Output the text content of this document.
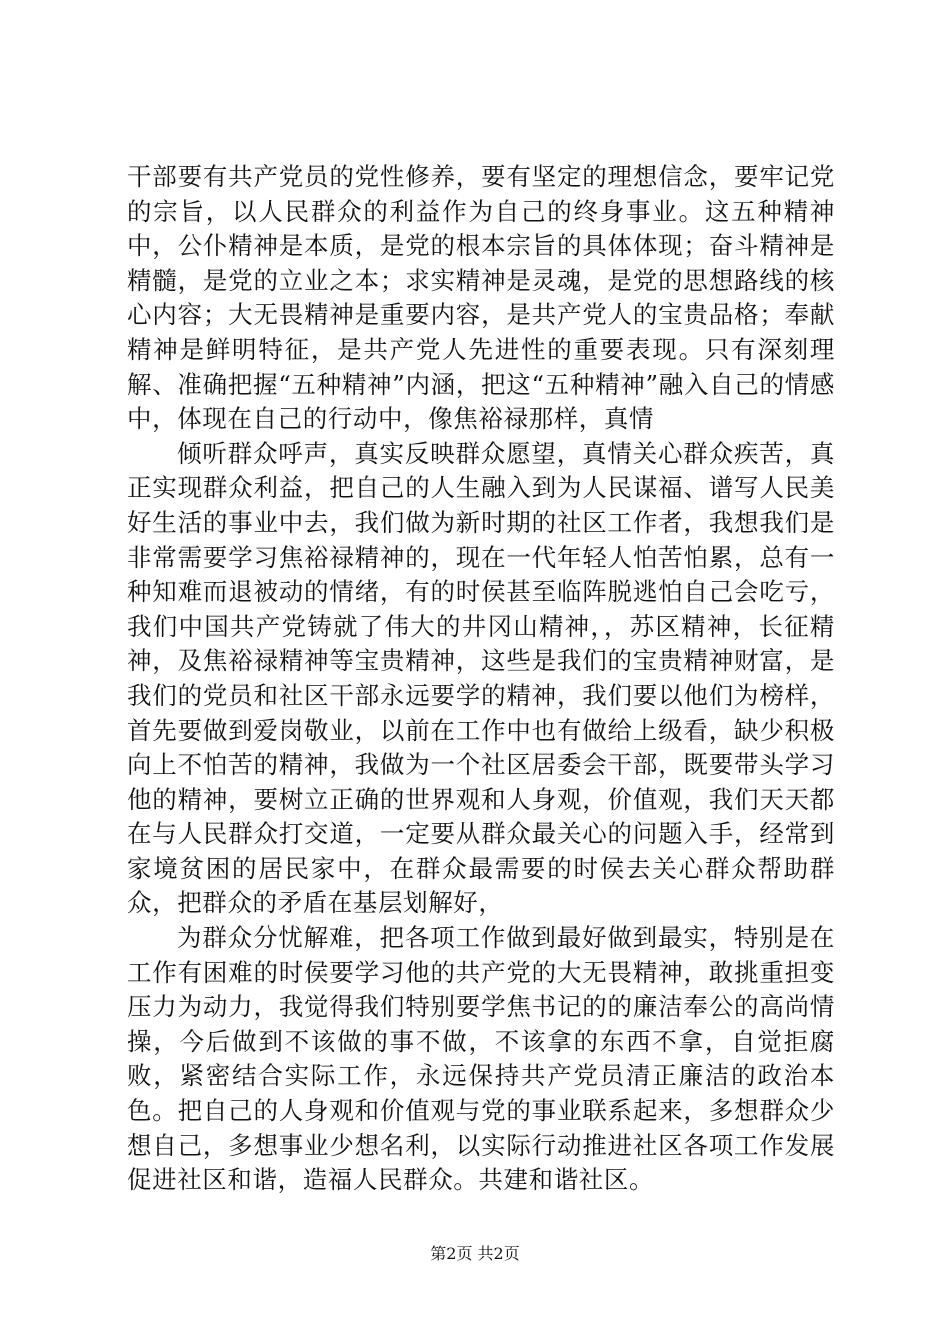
干部要有共产党员的党性修养，要有坚定的理想信念，要牢记党的宗旨，以人民群众的利益作为自己的终身事业。这五种精神中，公仆精神是本质，是党的根本宗旨的具体体现；奋斗精神是精髓，是党的立业之本；求实精神是灵魂，是党的思想路线的核心内容；大无畏精神是重要内容，是共产党人的宝贵品格；奉献精神是鲜明特征，是共产党人先进性的重要表现。只有深刻理解、准确把握“五种精神”内涵，把这“五种精神”融入自己的情感中，体现在自己的行动中，像焦裕禄那样，真情

倾听群众呼声，真实反映群众愿望，真情关心群众疾苦，真正实现群众利益，把自己的人生融入到为人民谋福、谱写人民美好生活的事业中去，我们做为新时期的社区工作者，我想我们是非常需要学习焦裕禄精神的，现在一代年轻人怕苦怕累，总有一种知难而退被动的情绪，有的时侯甚至临阵脱逃怕自己会吃亏，我们中国共产党铸就了伟大的井冈山精神，，苏区精神，长征精神，及焦裕禄精神等宝贵精神，这些是我们的宝贵精神财富，是我们的党员和社区干部永远要学的精神，我们要以他们为榜样，首先要做到爱岗敬业，以前在工作中也有做给上级看，缺少积极向上不怕苦的精神，我做为一个社区居委会干部，既要带头学习他的精神，要树立正确的世界观和人身观，价值观，我们天天都在与人民群众打交道，一定要从群众最关心的问题入手，经常到家境贫困的居民家中，在群众最需要的时侯去关心群众帮助群众，把群众的矛盾在基层划解好，

为群众分忧解难，把各项工作做到最好做到最实，特别是在工作有困难的时侯要学习他的共产党的大无畏精神，敢挑重担变压力为动力，我觉得我们特别要学焦书记的的廉洁奉公的高尚情操，今后做到不该做的事不做，不该拿的东西不拿，自觉拒腐败，紧密结合实际工作，永远保持共产党员清正廉洁的政治本色。把自己的人身观和价值观与党的事业联系起来，多想群众少想自己，多想事业少想名利，以实际行动推进社区各项工作发展促进社区和谐，造福人民群众。共建和谐社区。

第2页 共2页
